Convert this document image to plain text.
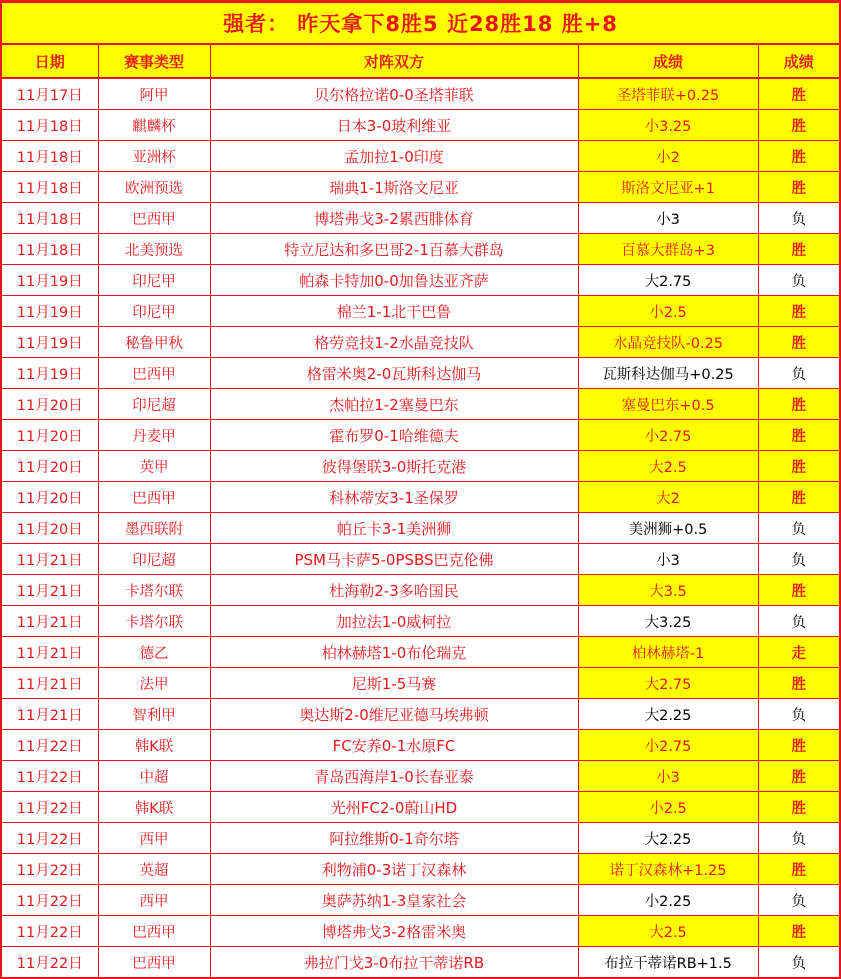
强者： 昨天拿下8胜5 近28胜18 胜+8
日期	赛事类型	对阵双方	成绩	成绩
11月17日	阿甲	贝尔格拉诺0-0圣塔菲联	圣塔菲联+0.25	胜
11月18日	麒麟杯	日本3-0玻利维亚	小3.25	胜
11月18日	亚洲杯	孟加拉1-0印度	小2	胜
11月18日	欧洲预选	瑞典1-1斯洛文尼亚	斯洛文尼亚+1	胜
11月18日	巴西甲	博塔弗戈3-2累西腓体育	小3	负
11月18日	北美预选	特立尼达和多巴哥2-1百慕大群岛	百慕大群岛+3	胜
11月19日	印尼甲	帕森卡特加0-0加鲁达亚齐萨	大2.75	负
11月19日	印尼甲	棉兰1-1北干巴鲁	小2.5	胜
11月19日	秘鲁甲秋	格劳竞技1-2水晶竞技队	水晶竞技队-0.25	胜
11月19日	巴西甲	格雷米奥2-0瓦斯科达伽马	瓦斯科达伽马+0.25	负
11月20日	印尼超	杰帕拉1-2塞曼巴东	塞曼巴东+0.5	胜
11月20日	丹麦甲	霍布罗0-1哈维德夫	小2.75	胜
11月20日	英甲	彼得堡联3-0斯托克港	大2.5	胜
11月20日	巴西甲	科林蒂安3-1圣保罗	大2	胜
11月20日	墨西联附	帕丘卡3-1美洲狮	美洲狮+0.5	负
11月21日	印尼超	PSM马卡萨5-0PSBS巴克伦佛	小3	负
11月21日	卡塔尔联	杜海勒2-3多哈国民	大3.5	胜
11月21日	卡塔尔联	加拉法1-0威柯拉	大3.25	负
11月21日	德乙	柏林赫塔1-0布伦瑞克	柏林赫塔-1	走
11月21日	法甲	尼斯1-5马赛	大2.75	胜
11月21日	智利甲	奥达斯2-0维尼亚德马埃弗顿	大2.25	负
11月22日	韩K联	FC安养0-1水原FC	小2.75	胜
11月22日	中超	青岛西海岸1-0长春亚泰	小3	胜
11月22日	韩K联	光州FC2-0蔚山HD	小2.5	胜
11月22日	西甲	阿拉维斯0-1奇尔塔	大2.25	负
11月22日	英超	利物浦0-3诺丁汉森林	诺丁汉森林+1.25	胜
11月22日	西甲	奥萨苏纳1-3皇家社会	小2.25	负
11月22日	巴西甲	博塔弗戈3-2格雷米奥	大2.5	胜
11月22日	巴西甲	弗拉门戈3-0布拉干蒂诺RB	布拉干蒂诺RB+1.5	负
